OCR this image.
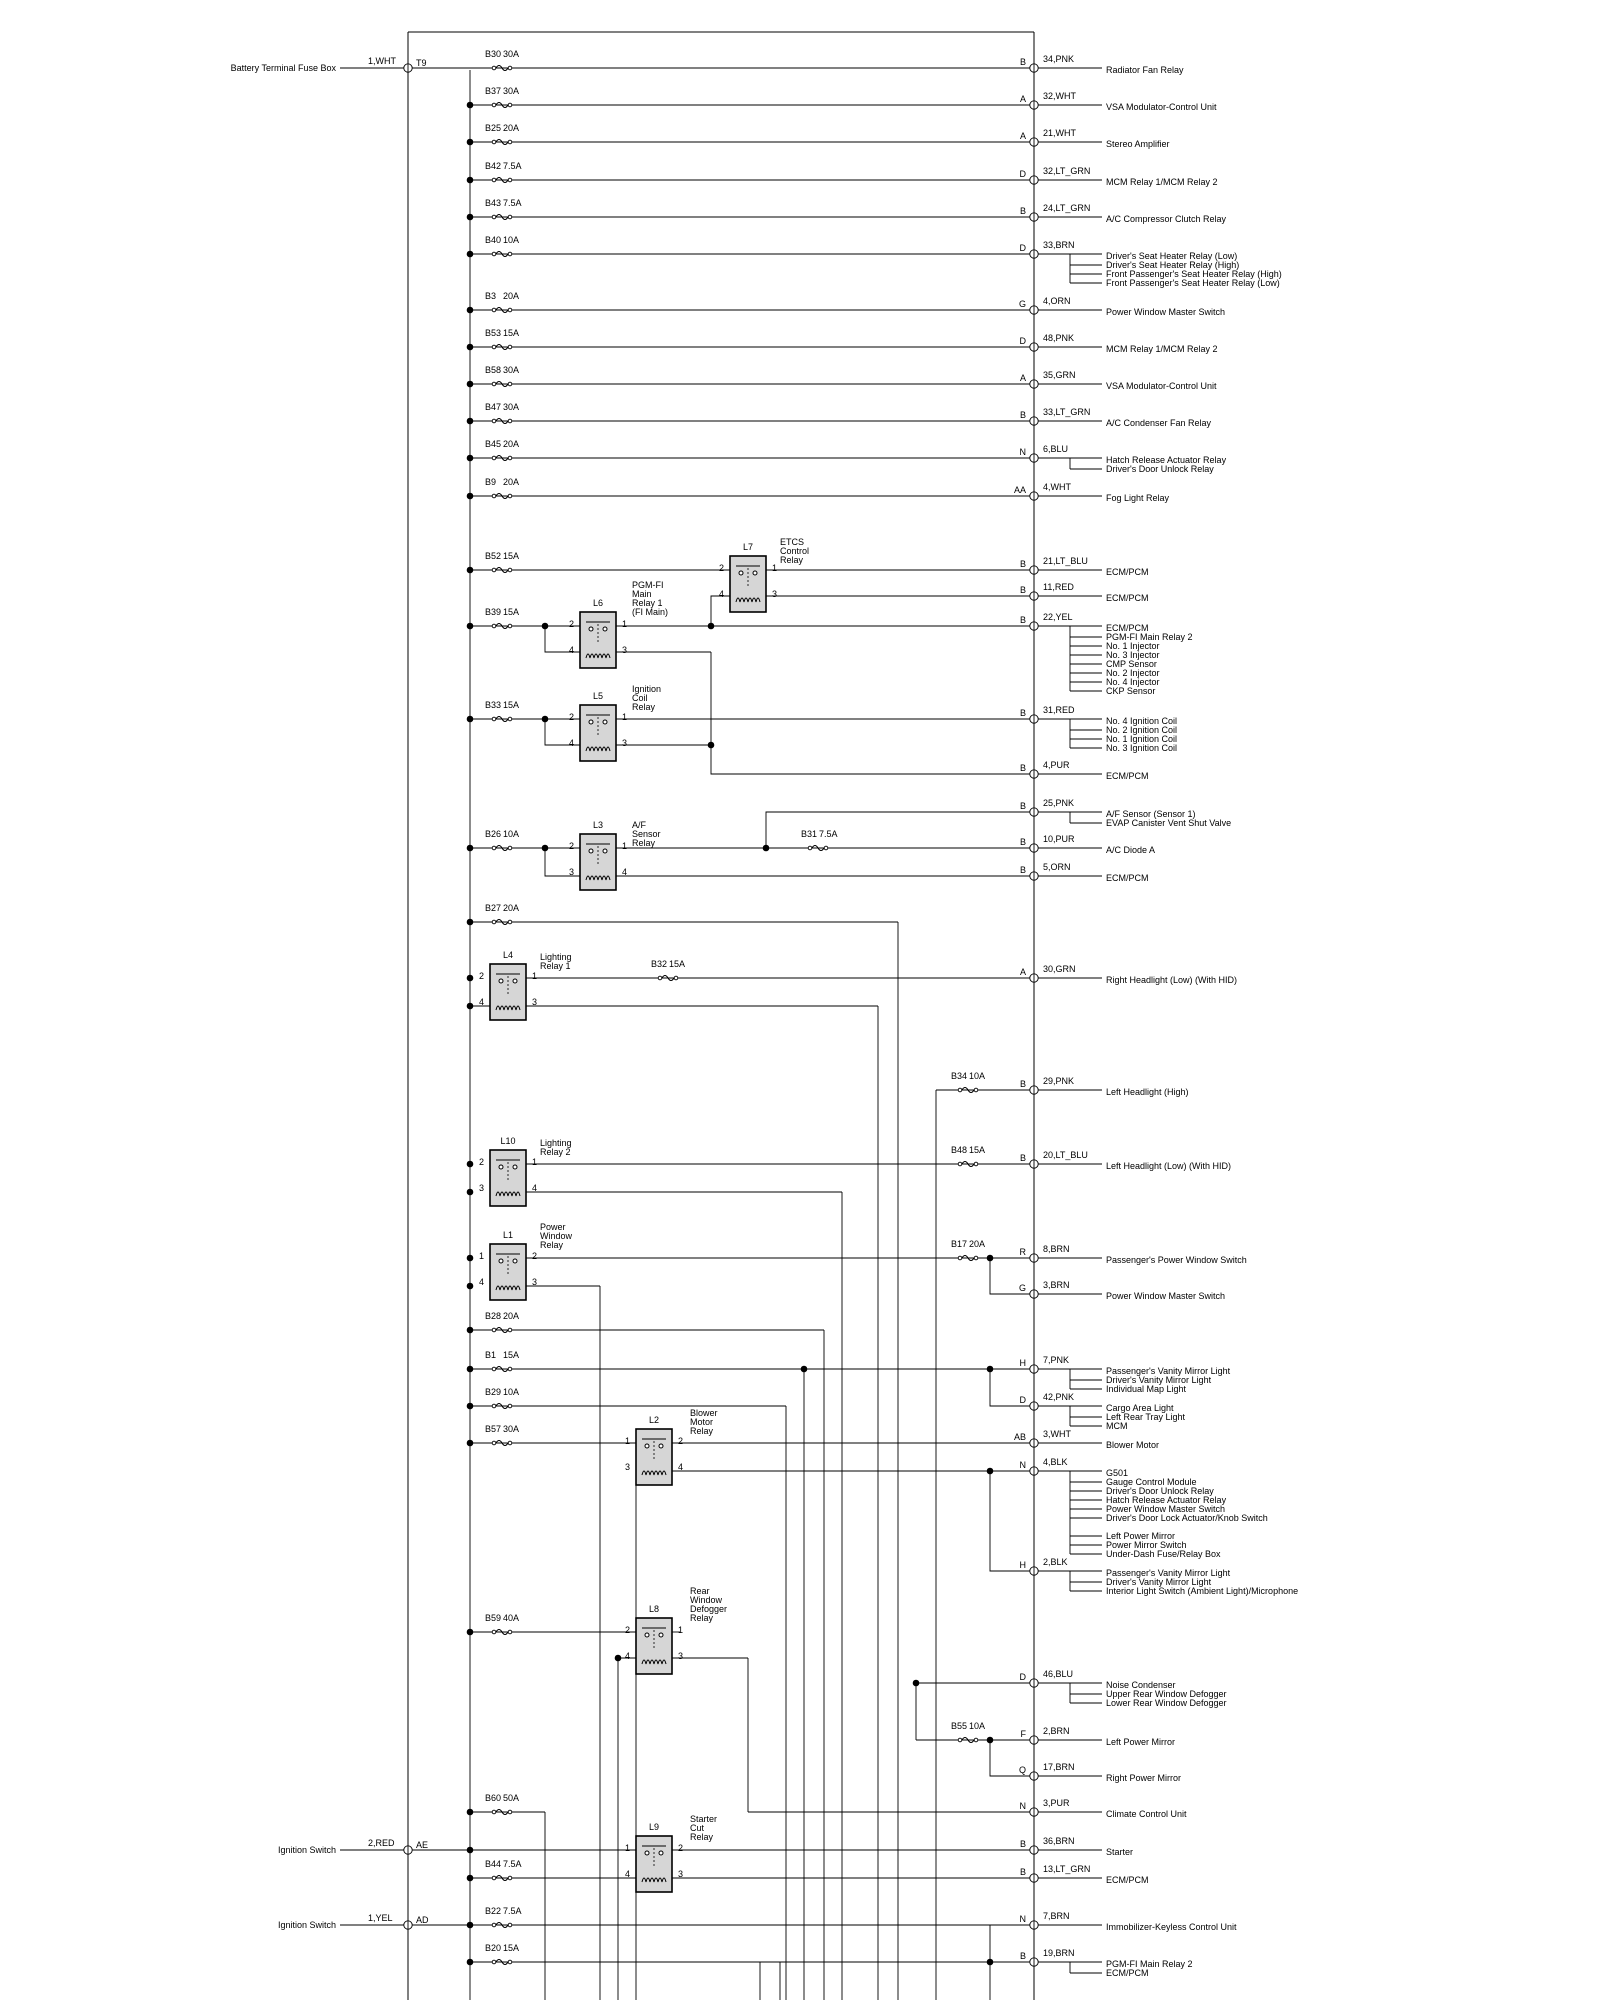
Battery Terminal Fuse Box
1,WHT T9
Ignition Switch
2,RED AE
Ignition Switch
1,YEL	AD
B30 30A
B 34,PNK
Radiator Fan Relay
B37 30A
A 32,WHT
VSA Modulator-Control Unit
B25 20A
A 21,WHT
Stereo Amplifier
B42 7.5A
D 32,LT_GRN
MCM Relay 1/MCM Relay 2
B43 7.5A
B 24,LT_GRN
A/C Compressor Clutch Relay
B40 10A
D 33,BRN
Driver's Seat Heater Relay (Low)
Driver's Seat Heater Relay (High)
Front Passenger's Seat Heater Relay (High)
Front Passenger's Seat Heater Relay (Low)
B3 20A
G 4,ORN
Power Window Master Switch
B53 15A
D 48,PNK
MCM Relay 1/MCM Relay 2
B58 30A
A 35,GRN
VSA Modulator-Control Unit
B47 30A
B 33,LT_GRN
A/C Condenser Fan Relay
B45 20A
N 6,BLU
Hatch Release Actuator Relay
Driver's Door Unlock Relay
B9 20A
AA 4,WHT
Fog Light Relay
B52 15A
L7
2	1
4	3
ETCS
Control
Relay	B 21,LT_BLU
ECM/PCM
B 11,RED
ECM/PCM
B39 15A
L6
2	1
4	3
PGM-FI
Main
Relay 1
(FI Main)
B 22,YEL
ECM/PCM
PGM-FI Main Relay 2
No. 1 Injector
No. 3 Injector
CMP Sensor
No. 2 Injector
No. 4 Injector
CKP Sensor
B33 15A
L5
2	1
4	3
Ignition
Coil
Relay
B 31,RED
No. 4 Ignition Coil
No. 2 Ignition Coil
No. 1 Ignition Coil
No. 3 Ignition Coil
B 4,PUR
ECM/PCM
B26 10A
L3
2	1
3	4
A/F
Sensor
Relay
B31 7.5A
B 25,PNK
A/F Sensor (Sensor 1)
EVAP Canister Vent Shut Valve
B 10,PUR
A/C Diode A
B 5,ORN
ECM/PCM
B27 20A
L4
2	1
4	3
Lighting
Relay 1	B32 15A
A 30,GRN
Right Headlight (Low) (With HID)
B34 10A
B 29,PNK
Left Headlight (High)
B48 15A
B 20,LT_BLU
Left Headlight (Low) (With HID)
L10
2	1
3	4
Lighting
Relay 2
L1
1	2
4	3
Power
Window
Relay	B17 20A
R 8,BRN
Passenger's Power Window Switch
G 3,BRN
Power Window Master Switch
B28 20A
B1 15A
H 7,PNK
Passenger's Vanity Mirror Light
Driver's Vanity Mirror Light
Individual Map Light
D 42,PNK
Cargo Area Light
Left Rear Tray Light
MCM
B29 10A
B57 30A
L2
1	2
3	4
Blower
Motor
Relay
AB 3,WHT
Blower Motor
N 4,BLK
G501
Gauge Control Module
Driver's Door Unlock Relay
Hatch Release Actuator Relay
Power Window Master Switch
Driver's Door Lock Actuator/Knob Switch
Left Power Mirror
Power Mirror Switch
Under-Dash Fuse/Relay Box
H 2,BLK
Passenger's Vanity Mirror Light
Driver's Vanity Mirror Light
Interior Light Switch (Ambient Light)/Microphone
B59 40A
L8
2	1
4	3
Rear
Window
Defogger
Relay
N 3,PUR
Climate Control Unit
D 46,BLU
Noise Condenser
Upper Rear Window Defogger
Lower Rear Window Defogger
B55 10A
F 2,BRN
Left Power Mirror
Q 17,BRN
Right Power Mirror
B60 50A
L9
1	2
4	3
Starter
Cut
Relay
B 36,BRN
Starter
B44 7.5A
B 13,LT_GRN
ECM/PCM
B22 7.5A
N 7,BRN
Immobilizer-Keyless Control Unit
B20 15A
B 19,BRN
PGM-FI Main Relay 2
ECM/PCM
